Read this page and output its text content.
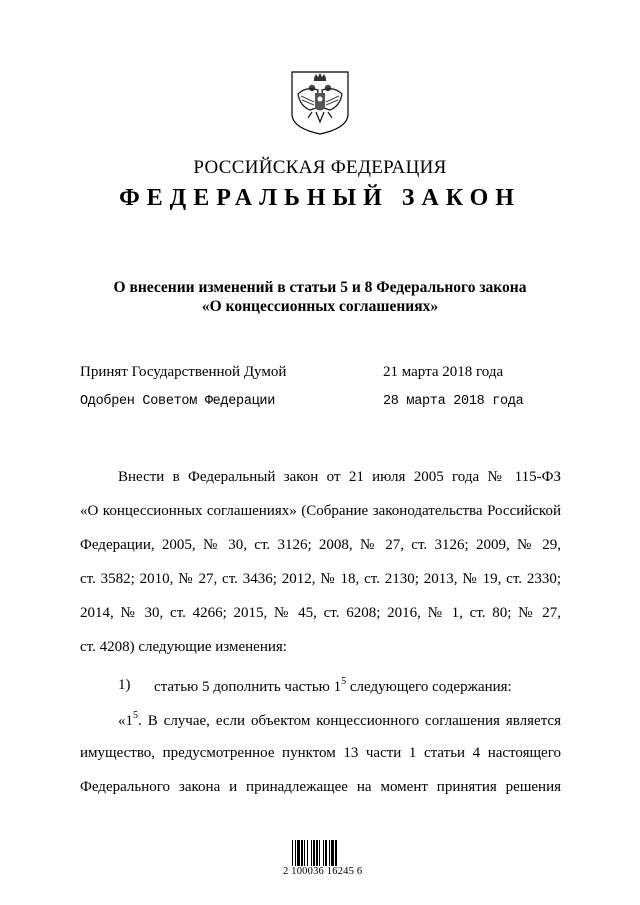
РОССИЙСКАЯ ФЕДЕРАЦИЯ
ФЕДЕРАЛЬНЫЙ ЗАКОН
О внесении изменений в статьи 5 и 8 Федерального закона
«О концессионных соглашениях»
Принят Государственной Думой	21 марта 2018 года
Одобрен Советом Федерации	28 марта 2018 года
Внести в Федеральный закон от 21 июля 2005 года № 115-ФЗ
«О концессионных соглашениях» (Собрание законодательства Российской
Федерации, 2005, № 30, ст. 3126; 2008, № 27, ст. 3126; 2009, № 29,
ст. 3582; 2010, № 27, ст. 3436; 2012, № 18, ст. 2130; 2013, № 19, ст. 2330;
2014, № 30, ст. 4266; 2015, № 45, ст. 6208; 2016, № 1, ст. 80; № 27,
ст. 4208) следующие изменения:
1) статью 5 дополнить частью $1^5$ следующего содержания:
«$1^5$. В случае, если объектом концессионного соглашения является
имущество, предусмотренное пунктом 13 части 1 статьи 4 настоящего
Федерального закона и принадлежащее на момент принятия решения
2 100036 16245 6
